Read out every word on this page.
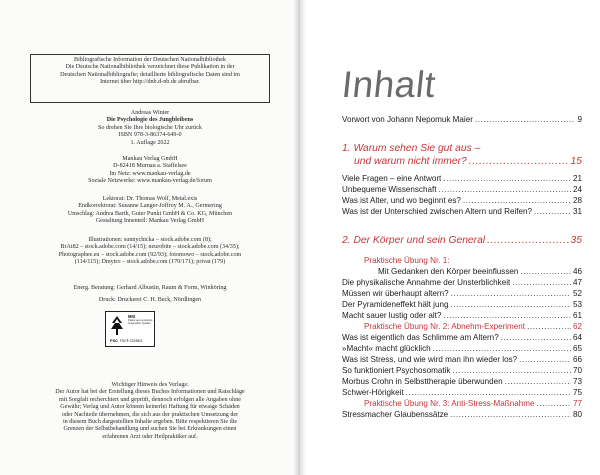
Bibliografische Information der Deutschen Nationalbibliothek

Die Deutsche Nationalbibliothek verzeichnet diese Publikation in der

Deutschen Nationalbibliografie; detaillierte bibliografische Daten sind im

Internet über http://dnb.d-nb.de abrufbar.

Andreas Winter

Die Psychologie des Jungbleibens

So drehen Sie Ihre biologische Uhr zurück

ISBN 978-3-86374-649-0

1. Auflage 2022

Mankau Verlag GmbH

D-82418 Murnau a. Staffelsee

Im Netz: www.mankau-verlag.de

Soziale Netzwerke: www.mankau-verlag.de/forum

Lektorat: Dr. Thomas Wolf, Metal.exis

Endkorrektorat: Susanne Langer-Joffroy M. A., Germering

Umschlag: Andrea Barth, Guter Punkt GmbH & Co. KG, München

Gestaltung Innenteil: Mankau Verlag GmbH

Illustrationen: sunnychicka – stock.adobe.com (8);

BrAt82 – stock.adobe.com (14/15); neurobite – stock.adobe.com (34/35);

Photographee.eu – stock.adobe.com (92/93); fotomowo – stock.adobe.com

(114/115); Dmytro – stock.adobe.com (170/171); privat (179)

Energ. Beratung: Gerhard Albustin, Raum & Form, Winhöring

Druck: Druckerei C. H. Beck, Nördlingen

MIX
Papier aus verantwor-tungsvollen Quellen
FSC FSC® C019821

Wichtiger Hinweis des Verlags:

Der Autor hat bei der Erstellung dieses Buches Informationen und Ratschläge

mit Sorgfalt recherchiert und geprüft, dennoch erfolgen alle Angaben ohne

Gewähr; Verlag und Autor können keinerlei Haftung für etwaige Schäden

oder Nachteile übernehmen, die sich aus der praktischen Umsetzung der

in diesem Buch dargestellten Inhalte ergeben. Bitte respektieren Sie die

Grenzen der Selbstbehandlung und suchen Sie bei Erkrankungen einen

erfahrenen Arzt oder Heilpraktiker auf.

Inhalt
Vorwort von Johann Nepomuk Maier .....	9
1. Warum sehen Sie gut aus –
und warum nicht immer? .....	15
Viele Fragen – eine Antwort .....	21
Unbequeme Wissenschaft .....	24
Was ist Alter, und wo beginnt es? .....	28
Was ist der Unterschied zwischen Altern und Reifen? .....	31
2. Der Körper und sein General .....	35
Praktische Übung Nr. 1:
Mit Gedanken den Körper beeinflussen .....	46
Die physikalische Annahme der Unsterblichkeit .....	47
Müssen wir überhaupt altern? .....	52
Der Pyramideneffekt hält jung .....	53
Macht sauer lustig oder alt? .....	61
Praktische Übung Nr. 2: Abnehm-Experiment .....	62
Was ist eigentlich das Schlimme am Altern? .....	64
»Macht« macht glücklich .....	65
Was ist Stress, und wie wird man ihn wieder los? .....	66
So funktioniert Psychosomatik .....	70
Morbus Crohn in Selbsttherapie überwunden .....	73
Schwer-Hörigkeit .....	75
Praktische Übung Nr. 3: Anti-Stress-Maßnahme .....	77
Stressmacher Glaubenssätze .....	80
